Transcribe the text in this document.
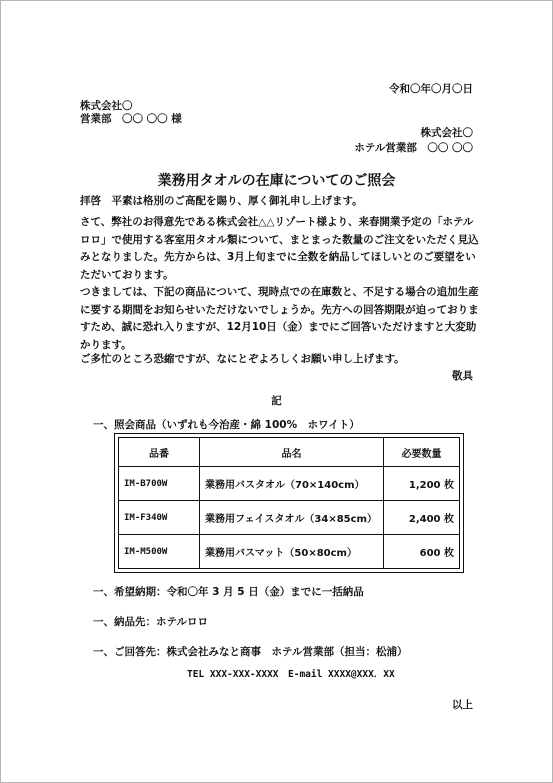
令和〇年〇月〇日
株式会社〇
営業部　〇〇 〇〇 様
株式会社〇
ホテル営業部　〇〇 〇〇
業務用タオルの在庫についてのご照会
拝啓　平素は格別のご高配を賜り、厚く御礼申し上げます。
さて、弊社のお得意先である株式会社△△リゾート様より、来春開業予定の「ホテルロロ」で使用する客室用タオル類について、まとまった数量のご注文をいただく見込みとなりました。先方からは、3月上旬までに全数を納品してほしいとのご要望をいただいております。
つきましては、下記の商品について、現時点での在庫数と、不足する場合の追加生産に要する期間をお知らせいただけないでしょうか。先方への回答期限が迫っておりますため、誠に恐れ入りますが、12月10日（金）までにご回答いただけますと大変助かります。
ご多忙のところ恐縮ですが、なにとぞよろしくお願い申し上げます。
敬具
記
一、照会商品（いずれも今治産・綿 100%　ホワイト）
品番	品名	必要数量
IM-B700W	業務用バスタオル（70×140cm）	1,200 枚
IM-F340W	業務用フェイスタオル（34×85cm）	2,400 枚
IM-M500W	業務用バスマット（50×80cm）	600 枚
一、希望納期：令和〇年 3 月 5 日（金）までに一括納品
一、納品先：ホテルロロ
一、ご回答先：株式会社みなと商事　ホテル営業部（担当：松浦）
TEL XXX-XXX-XXXX　E-mail XXXX@XXX．XX
以上
